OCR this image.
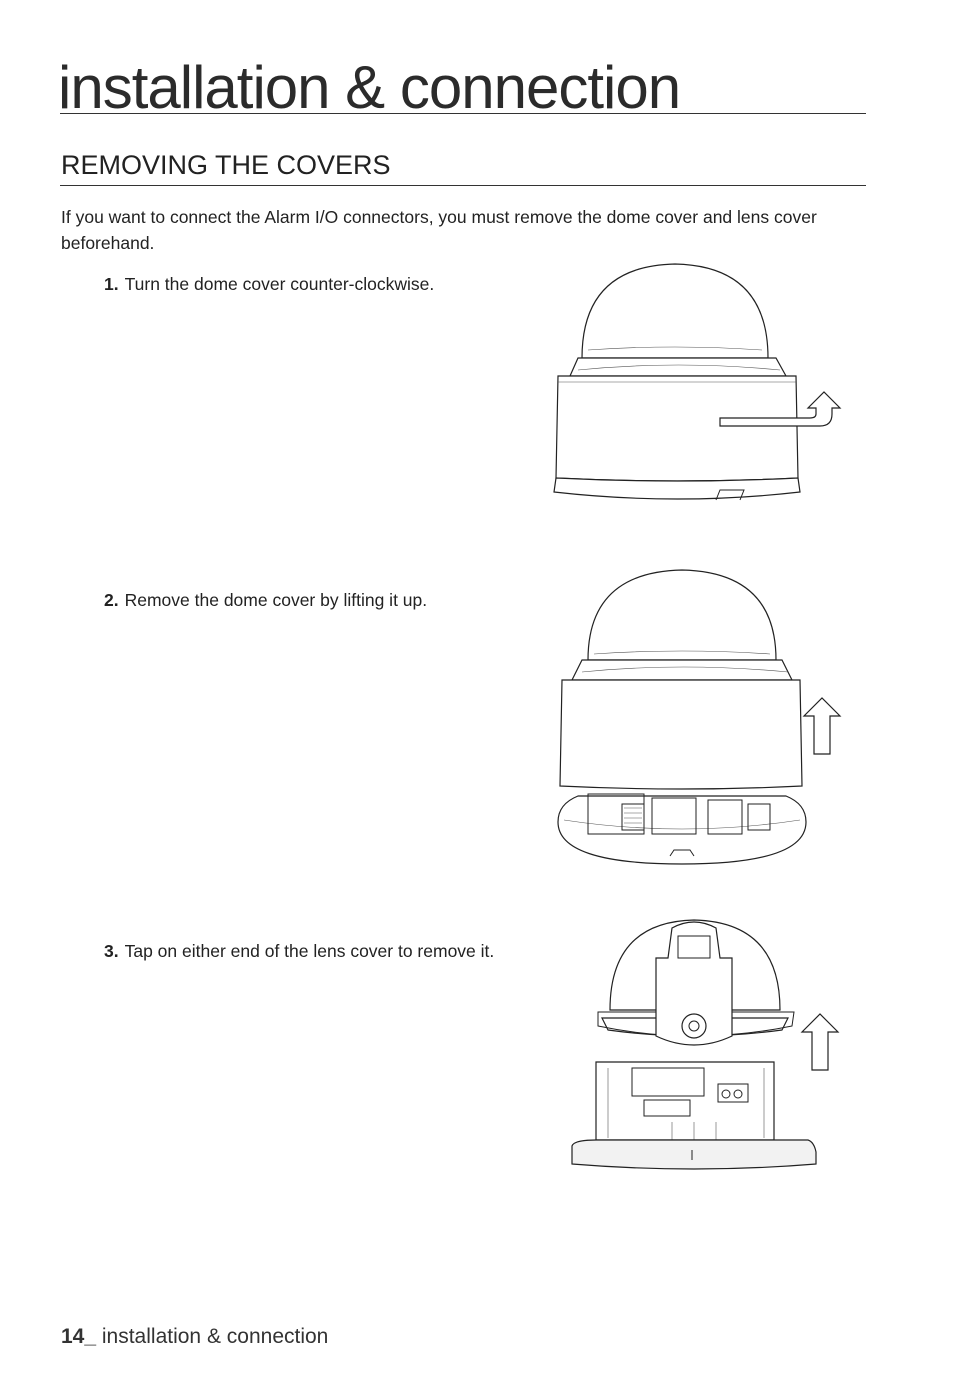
installation & connection
REMOVING THE COVERS
If you want to connect the Alarm I/O connectors, you must remove the dome cover and lens cover beforehand.
1. Turn the dome cover counter-clockwise.
2. Remove the dome cover by lifting it up.
3. Tap on either end of the lens cover to remove it.
14_ installation & connection
